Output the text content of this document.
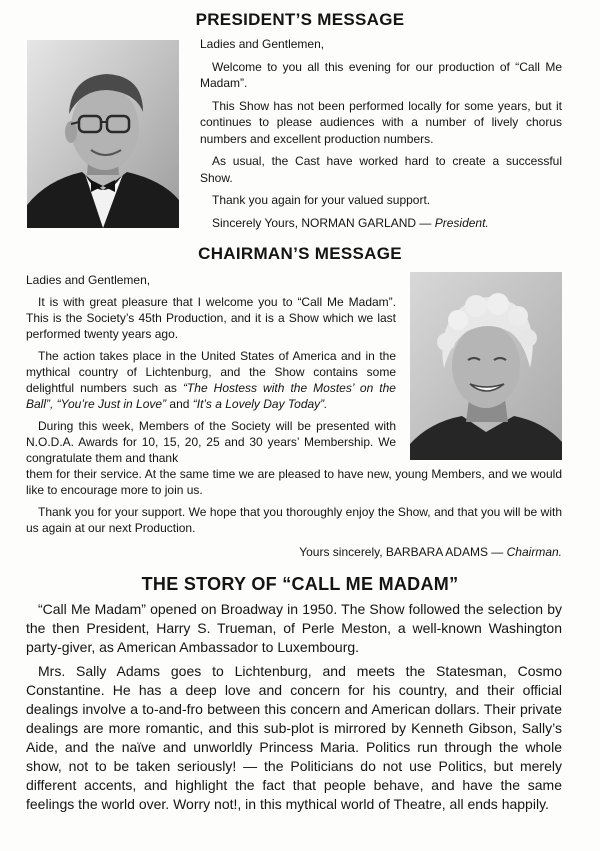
PRESIDENT’S MESSAGE

Ladies and Gentlemen,

Welcome to you all this evening for our production of “Call Me Madam”.

This Show has not been performed locally for some years, but it continues to please audiences with a number of lively chorus numbers and excellent production numbers.

As usual, the Cast have worked hard to create a successful Show.

Thank you again for your valued support.

Sincerely Yours, NORMAN GARLAND — President.

CHAIRMAN’S MESSAGE

Ladies and Gentlemen,

It is with great pleasure that I welcome you to “Call Me Madam”. This is the Society’s 45th Production, and it is a Show which we last performed twenty years ago.

The action takes place in the United States of America and in the mythical country of Lichtenburg, and the Show contains some delightful numbers such as “The Hostess with the Mostes’ on the Ball”, “You’re Just in Love” and “It’s a Lovely Day Today”.

During this week, Members of the Society will be presented with N.O.D.A. Awards for 10, 15, 20, 25 and 30 years’ Membership. We congratulate them and thank

them for their service. At the same time we are pleased to have new, young Members, and we would like to encourage more to join us.

Thank you for your support. We hope that you thoroughly enjoy the Show, and that you will be with us again at our next Production.

Yours sincerely, BARBARA ADAMS — Chairman.

THE STORY OF “CALL ME MADAM”

“Call Me Madam” opened on Broadway in 1950. The Show followed the selection by the then President, Harry S. Trueman, of Perle Meston, a well-known Washington party-giver, as American Ambassador to Luxembourg.

Mrs. Sally Adams goes to Lichtenburg, and meets the Statesman, Cosmo Constantine. He has a deep love and concern for his country, and their official dealings involve a to-and-fro between this concern and American dollars. Their private dealings are more romantic, and this sub-plot is mirrored by Kenneth Gibson, Sally’s Aide, and the naïve and unworldly Princess Maria. Politics run through the whole show, not to be taken seriously! — the Politicians do not use Politics, but merely different accents, and highlight the fact that people behave, and have the same feelings the world over. Worry not!, in this mythical world of Theatre, all ends happily.
